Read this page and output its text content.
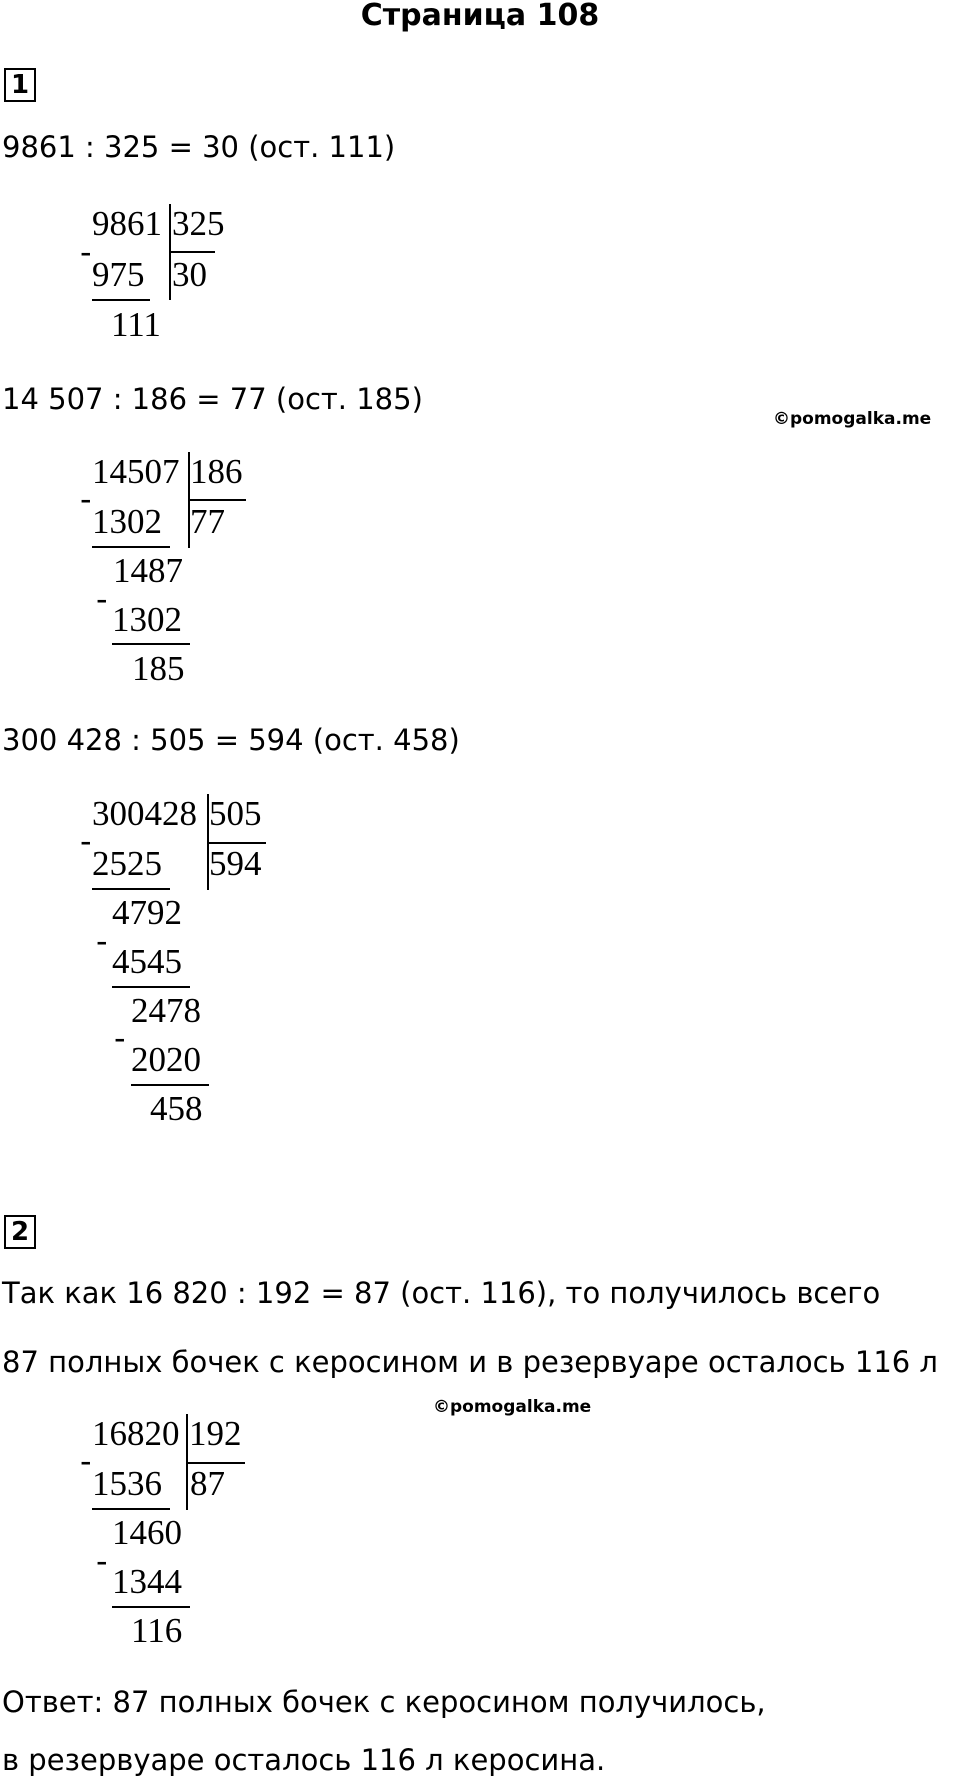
Страница 108
1
9861 : 325 = 30 (ост. 111)
9861 325
30
-
975
111
14 507 : 186 = 77 (ост. 185)
©pomogalka.me
14507 186
77
-
1302
1487
-
1302
185
300 428 : 505 = 594 (ост. 458)
300428 505
594
-
2525
4792
-
4545
2478
-
2020
458
2
Так как 16 820 : 192 = 87 (ост. 116), то получилось всего
87 полных бочек с керосином и в резервуаре осталось 116 л
©pomogalka.me
16820 192
87
-
1536
1460
-
1344
116
Ответ: 87 полных бочек с керосином получилось,
в резервуаре осталось 116 л керосина.
